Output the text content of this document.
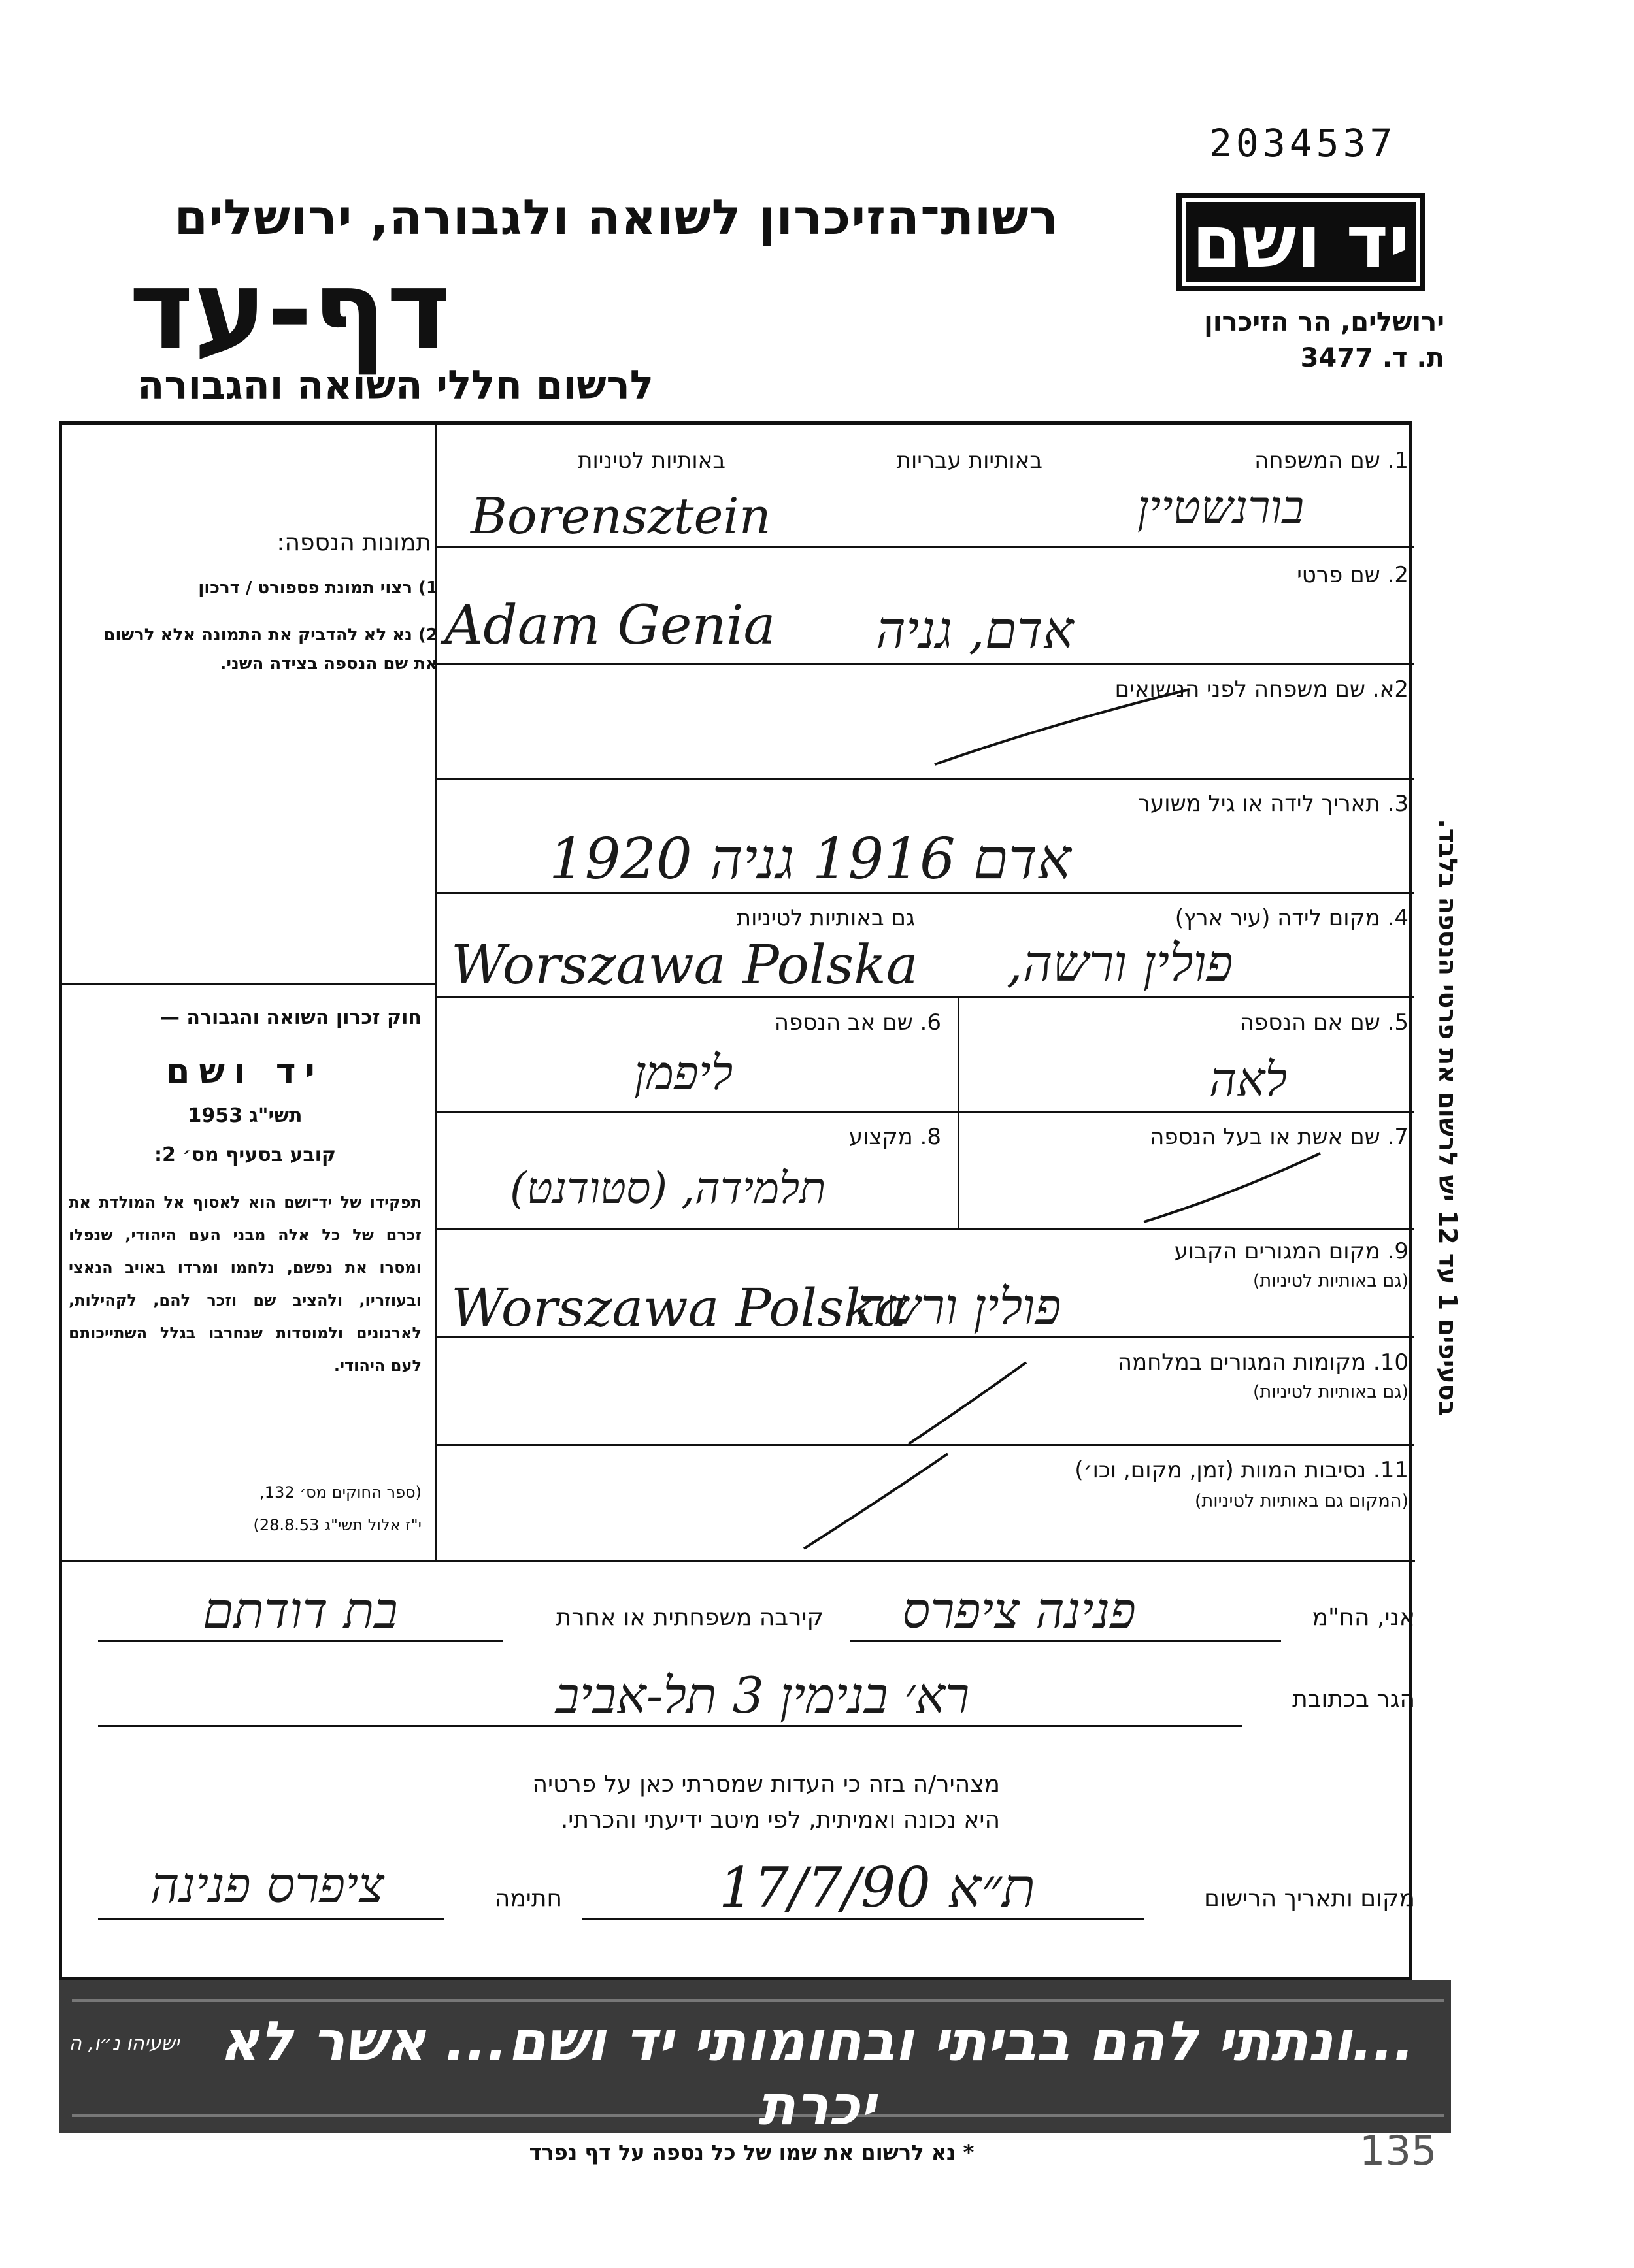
2034537
יד ושם
ירושלים, הר הזיכרון
ת. ד. 3477
רשות־הזיכרון לשואה ולגבורה, ירושלים
דף-עד
לרשום חללי השואה והגבורה
תמונות הנספה:
1) רצוי תמונת פספורט / דרכון
2) נא לא להדביק את התמונה אלא לרשום את שם הנספה בצידה השני.
חוק זכרון השואה והגבורה —
יד ושם
תשי"ג 1953
קובע בסעיף מס׳ 2:
תפקידו של יד־ושם הוא לאסוף אל המולדת את זכרם של כל אלה מבני העם היהודי, שנפלו ומסרו את נפשם, נלחמו ומרדו באויב הנאצי ובעוזריו, ולהציב שם וזכר להם, לקהילות, לארגונים ולמוסדות שנחרבו בגלל השתייכותם לעם היהודי.
(ספר החוקים מס׳ 132,
י"ז אלול תשי"ג 28.8.53)
בסעיפים 1 עד 12 יש לרשום את פרטי הנספה בלבד.
1. שם המשפחה
באותיות עבריות
באותיות לטיניות
בורנשטיין
Borensztein
2. שם פרטי
אדם, גניה
Adam Genia
2א. שם משפחה לפני הנישואים
3. תאריך לידה או גיל משוער
אדם 1916 גניה 1920
4. מקום לידה (עיר ארץ)
גם באותיות לטיניות
פולין ורשה,
Worszawa Polska
5. שם אם הנספה
לאה
6. שם אב הנספה
ליפמן
7. שם אשת או בעל הנספה
8. מקצוע
תלמידה, (סטודנט)
9. מקום המגורים הקבוע
(גם באותיות לטיניות)
פולין ורשה
Worszawa Polska
10. מקומות המגורים במלחמה
(גם באותיות לטיניות)
11. נסיבות המוות (זמן, מקום, וכו׳)
(המקום גם באותיות לטיניות)
אני, הח"מ
פנינה ציפרס
קירבה משפחתית או אחרת
בת דודתם
הגר בכתובת
רא׳ בנימין 3 תל-אביב
מצהיר/ה בזה כי העדות שמסרתי כאן על פרטיה
היא נכונה ואמיתית, לפי מיטב ידיעתי והכרתי.
מקום ותאריך הרישום
ת״א 17/7/90
חתימה
ציפרס פנינה
...ונתתי להם בביתי ובחומותי יד ושם... אשר לא יכרת
ישעיהו נ״ו, ה
* נא לרשום את שמו של כל נספה על דף נפרד	135
